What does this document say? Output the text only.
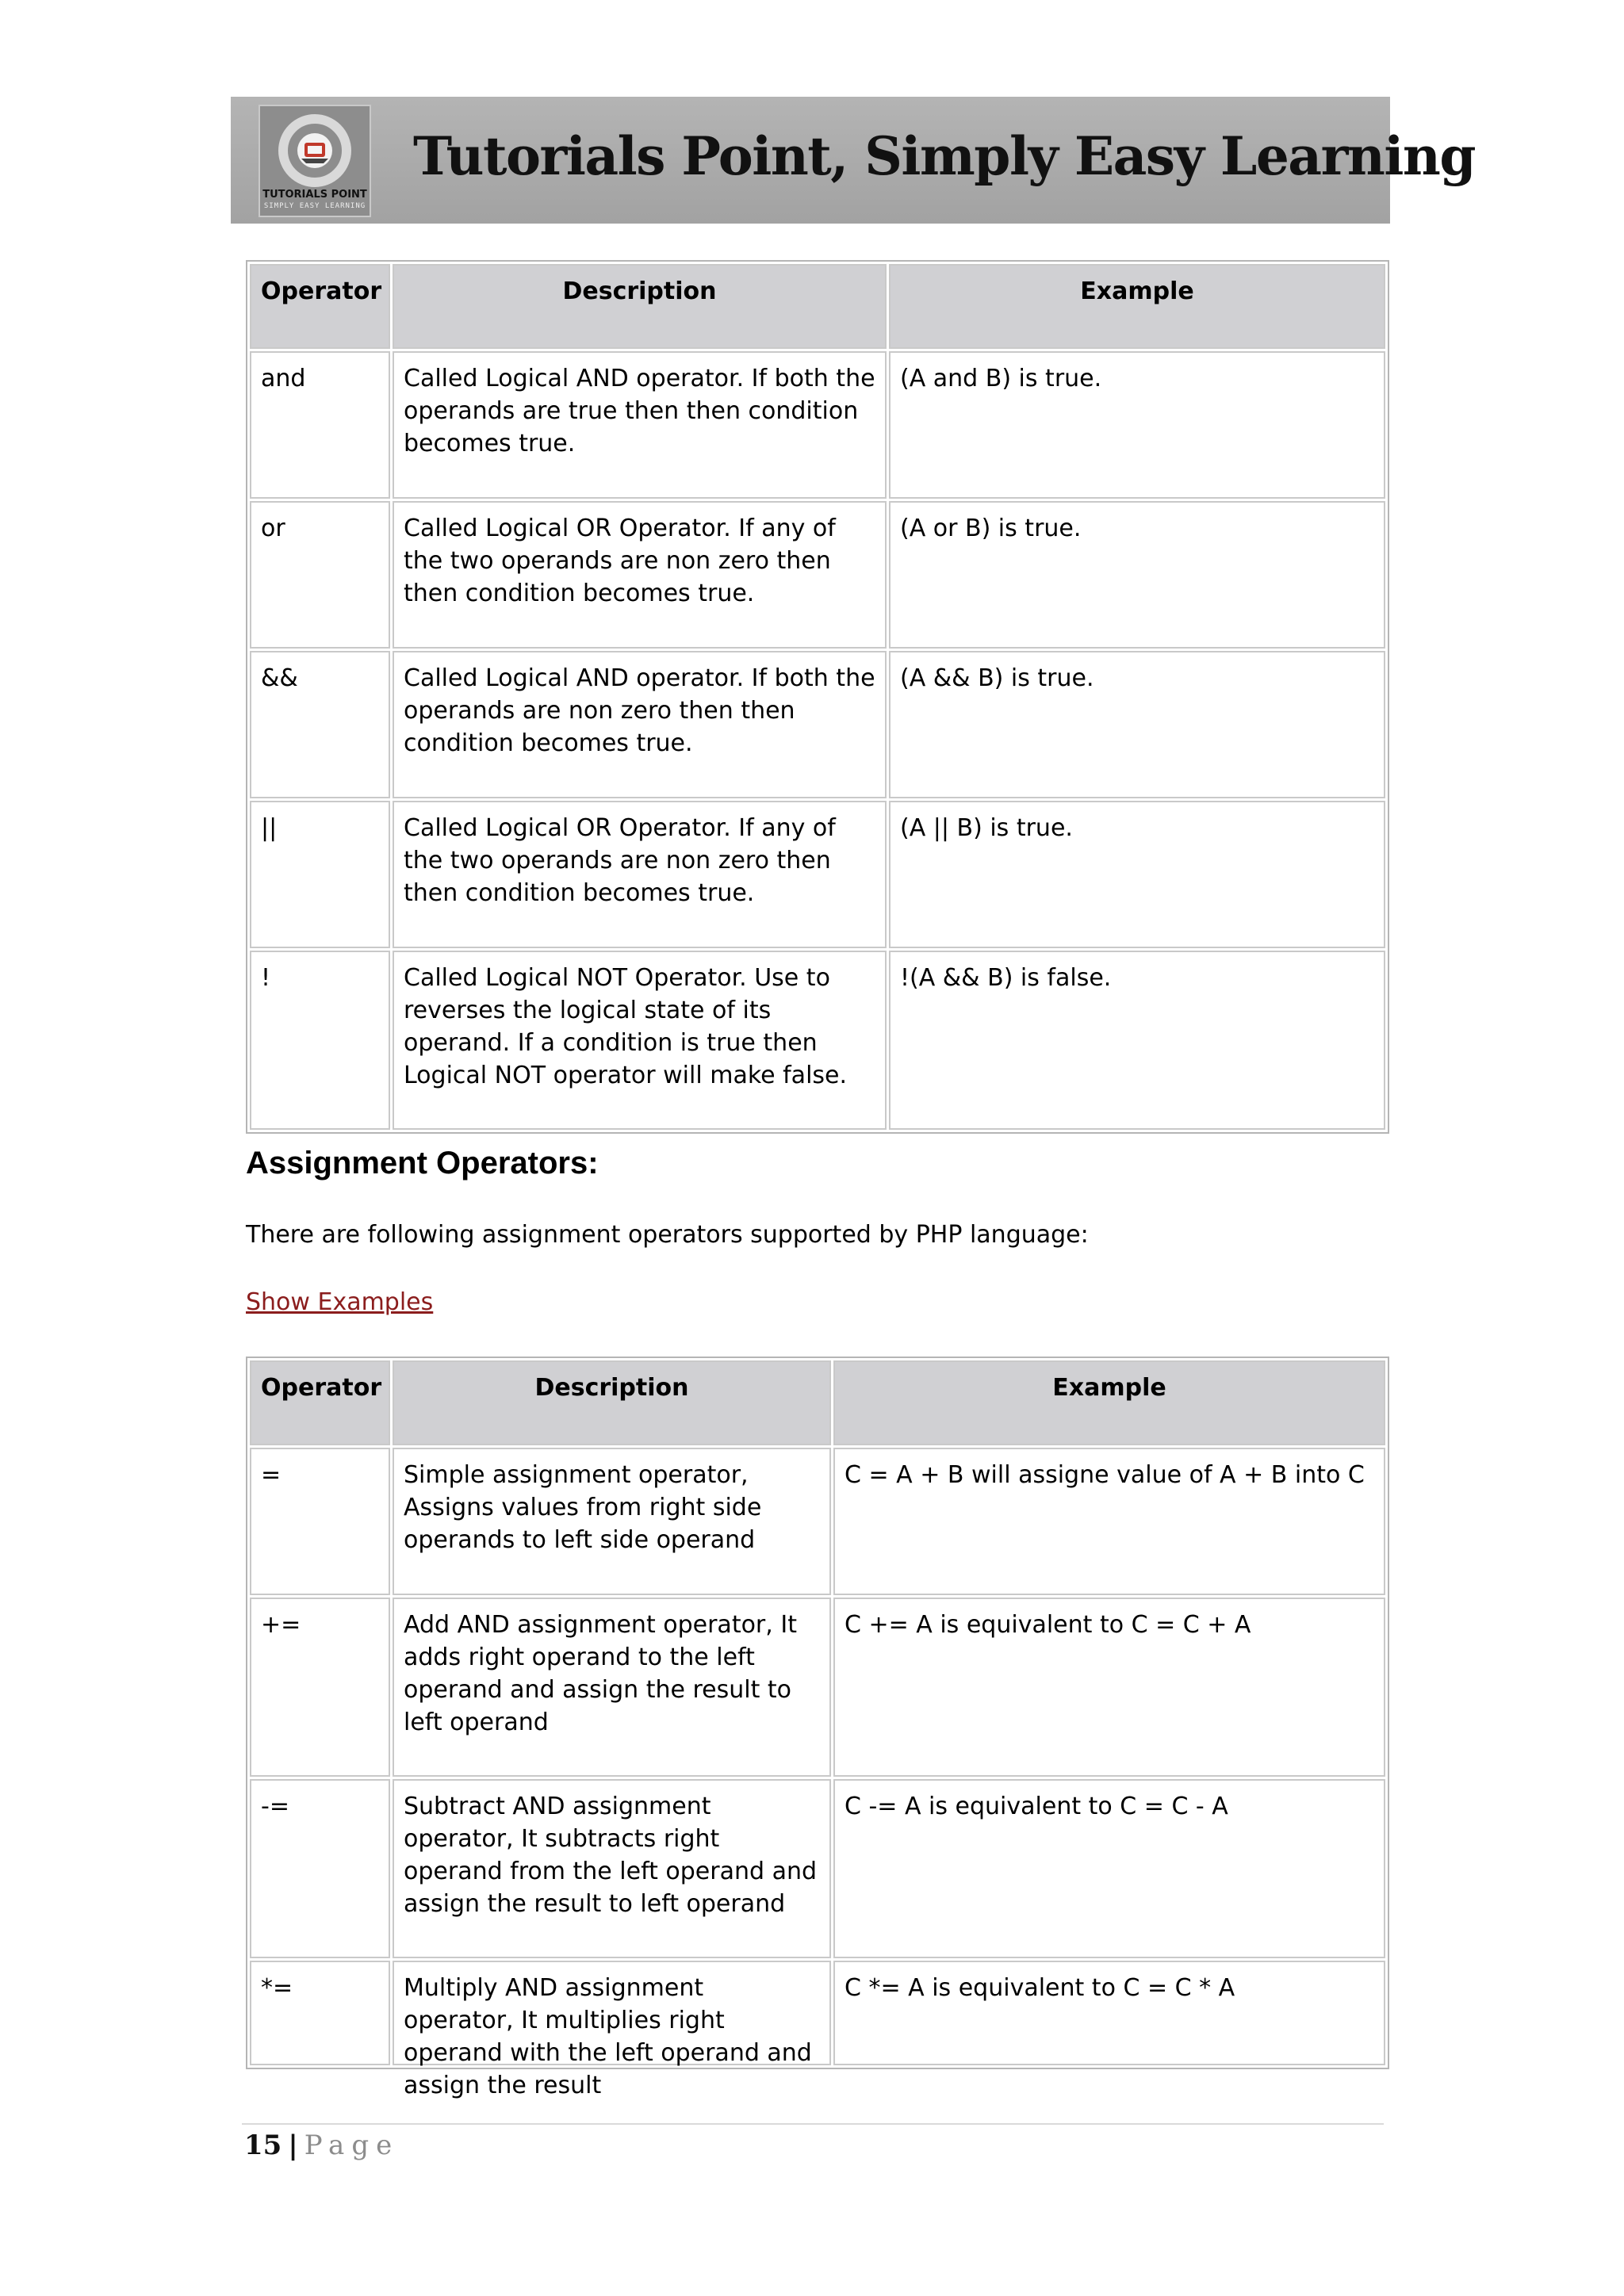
TUTORIALS POINT
SIMPLY EASY LEARNING
Tutorials Point, Simply Easy Learning
Operator	Description	Example
and	Called Logical AND operator. If both the operands are true then then condition becomes true.	(A and B) is true.
or	Called Logical OR Operator. If any of the two operands are non zero then then condition becomes true.	(A or B) is true.
&&	Called Logical AND operator. If both the operands are non zero then then condition becomes true.	(A && B) is true.
||	Called Logical OR Operator. If any of the two operands are non zero then then condition becomes true.	(A || B) is true.
!	Called Logical NOT Operator. Use to reverses the logical state of its operand. If a condition is true then Logical NOT operator will make false.	!(A && B) is false.
Assignment Operators:

There are following assignment operators supported by PHP language:

Show Examples
Operator	Description	Example
=	Simple assignment operator, Assigns values from right side operands to left side operand	C = A + B will assigne value of A + B into C
+=	Add AND assignment operator, It adds right operand to the left operand and assign the result to left operand	C += A is equivalent to C = C + A
-=	Subtract AND assignment operator, It subtracts right operand from the left operand and assign the result to left operand	C -= A is equivalent to C = C - A

*=	Multiply AND assignment operator, It multiplies right operand with the left operand and assign the result	C *= A is equivalent to C = C * A
15 | Page
